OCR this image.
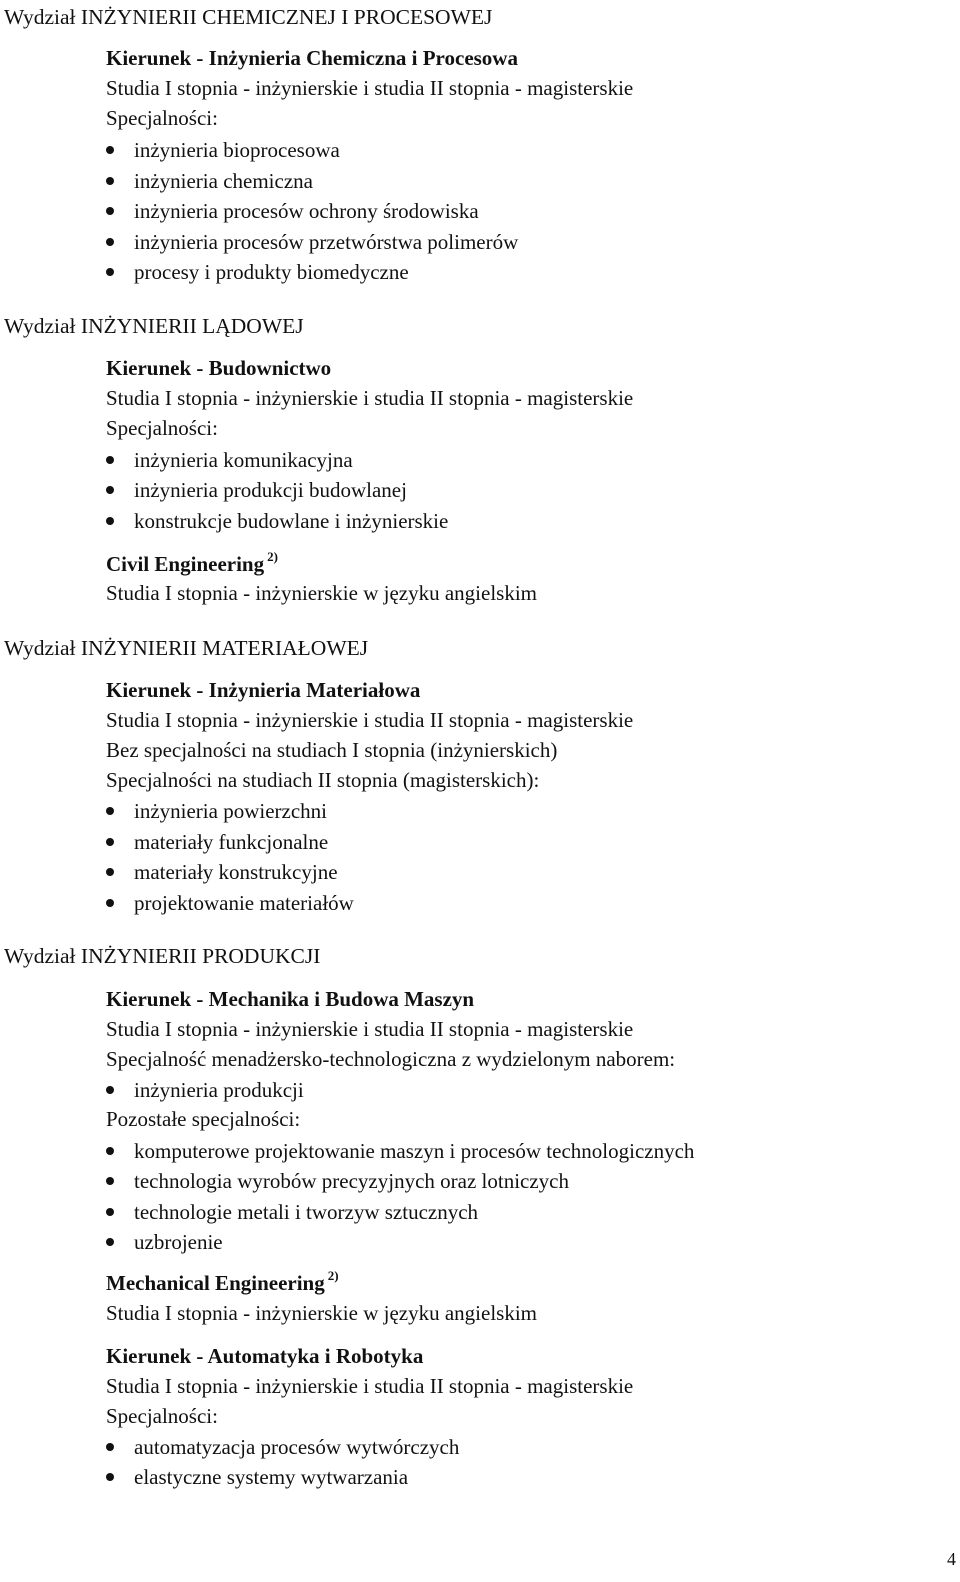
Wydział INŻYNIERII CHEMICZNEJ I PROCESOWEJ
Kierunek - Inżynieria Chemiczna i Procesowa
Studia I stopnia - inżynierskie i studia II stopnia - magisterskie
Specjalności:
inżynieria bioprocesowa
inżynieria chemiczna
inżynieria procesów ochrony środowiska
inżynieria procesów przetwórstwa polimerów
procesy i produkty biomedyczne
Wydział INŻYNIERII LĄDOWEJ
Kierunek - Budownictwo
Studia I stopnia - inżynierskie i studia II stopnia - magisterskie
Specjalności:
inżynieria komunikacyjna
inżynieria produkcji budowlanej
konstrukcje budowlane i inżynierskie
Civil Engineering $^{2)}$
Studia I stopnia - inżynierskie w języku angielskim
Wydział INŻYNIERII MATERIAŁOWEJ
Kierunek - Inżynieria Materiałowa
Studia I stopnia - inżynierskie i studia II stopnia - magisterskie
Bez specjalności na studiach I stopnia (inżynierskich)
Specjalności na studiach II stopnia (magisterskich):
inżynieria powierzchni
materiały funkcjonalne
materiały konstrukcyjne
projektowanie materiałów
Wydział INŻYNIERII PRODUKCJI
Kierunek - Mechanika i Budowa Maszyn
Studia I stopnia - inżynierskie i studia II stopnia - magisterskie
Specjalność menadżersko-technologiczna z wydzielonym naborem:
inżynieria produkcji
Pozostałe specjalności:
komputerowe projektowanie maszyn i procesów technologicznych
technologia wyrobów precyzyjnych oraz lotniczych
technologie metali i tworzyw sztucznych
uzbrojenie
Mechanical Engineering $^{2)}$
Studia I stopnia - inżynierskie w języku angielskim
Kierunek - Automatyka i Robotyka
Studia I stopnia - inżynierskie i studia II stopnia - magisterskie
Specjalności:
automatyzacja procesów wytwórczych
elastyczne systemy wytwarzania
4
